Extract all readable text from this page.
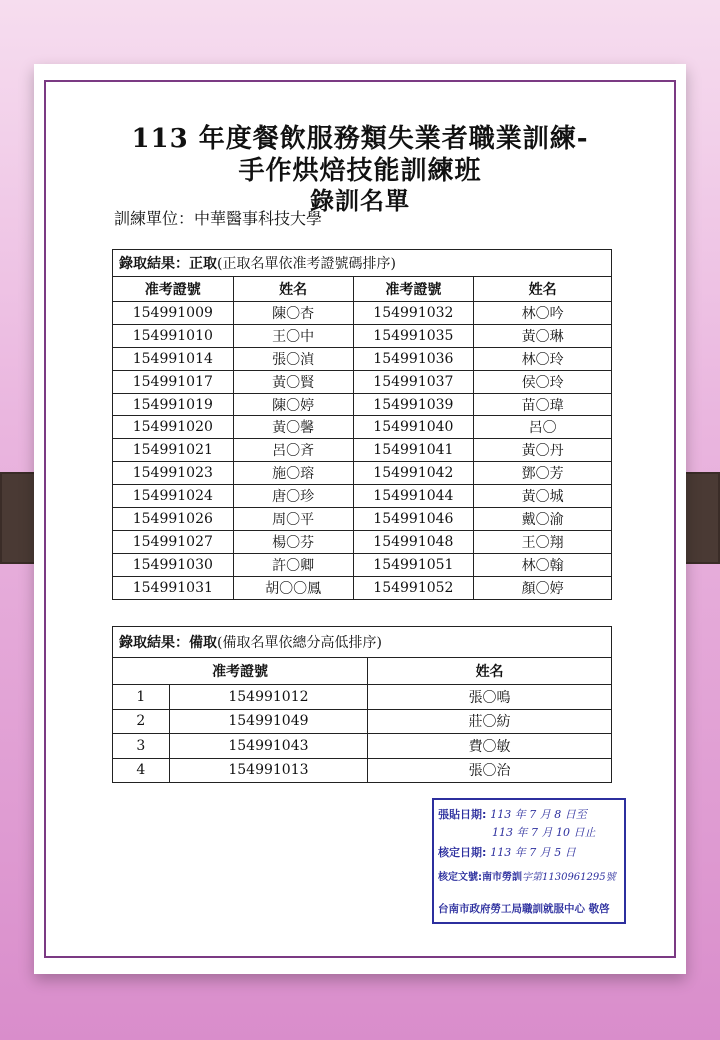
113 年度餐飲服務類失業者職業訓練-
手作烘焙技能訓練班
錄訓名單
訓練單位：中華醫事科技大學
錄取結果：正取(正取名單依准考證號碼排序)			
准考證號	姓名	准考證號	姓名
154991009	陳〇杏	154991032	林〇吟
154991010	王〇中	154991035	黃〇琳
154991014	張〇湞	154991036	林〇玲
154991017	黃〇賢	154991037	侯〇玲
154991019	陳〇婷	154991039	苗〇瑋
154991020	黃〇馨	154991040	呂〇
154991021	呂〇斉	154991041	黃〇丹
154991023	施〇瑢	154991042	鄧〇芳
154991024	唐〇珍	154991044	黃〇城
154991026	周〇平	154991046	戴〇渝
154991027	楊〇芬	154991048	王〇翔
154991030	許〇卿	154991051	林〇翰
154991031	胡〇〇鳳	154991052	顏〇婷
錄取結果：備取(備取名單依總分高低排序)		
准考證號		姓名
1	154991012	張〇鳴
2	154991049	莊〇紡
3	154991043	費〇敏
4	154991013	張〇治
張貼日期: 113 年 7 月 8 日至
113 年 7 月 10 日止
核定日期: 113 年 7 月 5 日
核定文號:南市勞訓字第1130961295號
台南市政府勞工局職訓就服中心 敬啓
